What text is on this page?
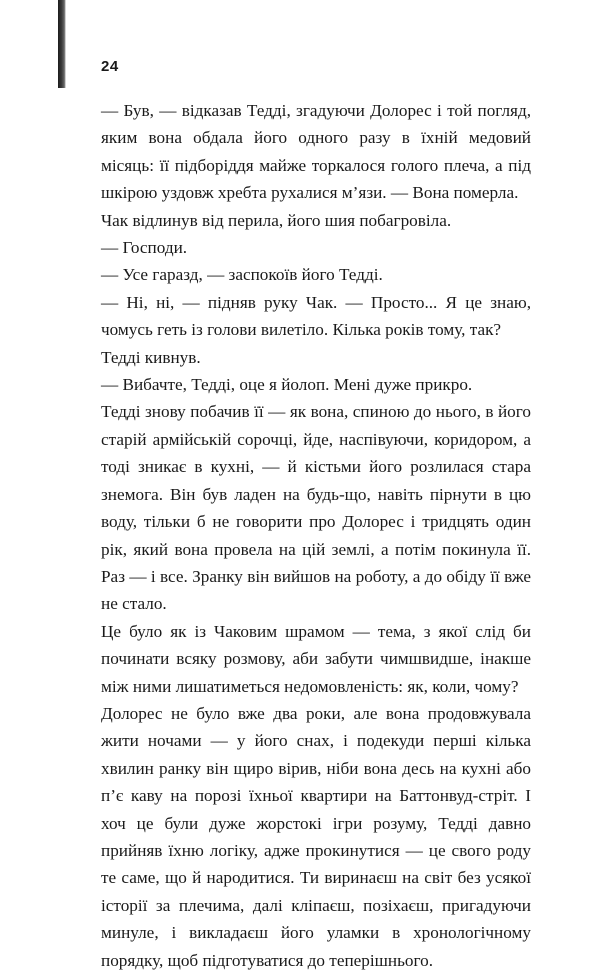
24

— Був, — відказав Тедді, згадуючи Долорес і той погляд, яким вона обдала його одного разу в їхній медовий місяць: її підборіддя майже торкалося голого плеча, а під шкірою уздовж хребта рухалися м’язи. — Вона померла.

Чак відлинув від перила, його шия побагровіла.

— Господи.

— Усе гаразд, — заспокоїв його Тедді.

— Ні, ні, — підняв руку Чак. — Просто... Я це знаю, чомусь геть із голови вилетіло. Кілька років тому, так?

Тедді кивнув.

— Вибачте, Тедді, оце я йолоп. Мені дуже прикро.

Тедді знову побачив її — як вона, спиною до нього, в його старій армійській сорочці, йде, наспівуючи, коридором, а тоді зникає в кухні, — й кістьми його розлилася стара знемога. Він був ладен на будь-що, навіть пірнути в цю воду, тільки б не говорити про Долорес і тридцять один рік, який вона провела на цій землі, а потім покинула її. Раз — і все. Зранку він вийшов на роботу, а до обіду її вже не стало.

Це було як із Чаковим шрамом — тема, з якої слід би починати всяку розмову, аби забути чимшвидше, інакше між ними лишатиметься недомовленість: як, коли, чому?

Долорес не було вже два роки, але вона продовжувала жити ночами — у його снах, і подекуди перші кілька хвилин ранку він щиро вірив, ніби вона десь на кухні або п’є каву на порозі їхньої квартири на Баттонвуд-стріт. І хоч це були дуже жорстокі ігри розуму, Тедді давно прийняв їхню логіку, адже прокинутися — це свого роду те саме, що й народитися. Ти виринаєш на світ без усякої історії за плечима, далі кліпаєш, позіхаєш, пригадуючи минуле, і викладаєш його уламки в хронологічному порядку, щоб підготуватися до теперішнього.
